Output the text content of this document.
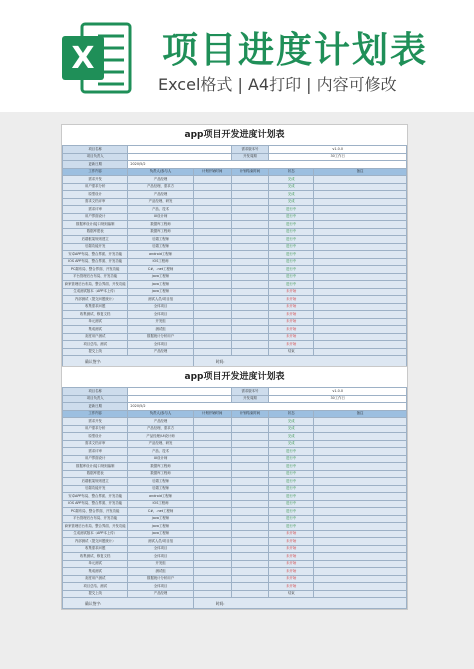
X 项目进度计划表
Excel格式 | A4打印 | 内容可修改
app项目开发进度计划表
项目名称			需求版本号	v1.0.0	
项目负责人			开发周期	30工作日	
更新日期	2020/5/2				
工作内容	负责人/参与人	计划开始时间	计划结束时间	状态	备注
需求开发	产品经理			完成	
用户需求分析	产品经理、需求方			完成	
原型设计	产品经理			完成	
需求文档评审	产品经理、研发			完成	
需求评审	产品、技术			进行中	
用户界面设计	UI设计师			进行中	
数据库设计/接口规则编制	数据库工程师			进行中	
数据库建表	数据库工程师			进行中	
后端框架规则建立	后端工程师			进行中	
后端功能开发	后端工程师			进行中	
安卓APP布局、整合界面、开发功能	android工程师			进行中	
IOS APP布局、整合界面、开发功能	IOS工程师			进行中	
PC端布局、整合界面、开发功能	C#、.net工程师			进行中	
平台管理后台布局、开发功能	java工程师			进行中	
商家管理后台布局、整合界面、开发功能	java工程师			进行中	
生成测试版本（APP本上传）	java工程师			未开始	
内部测试（提交问题统计）	测试人员/项目组			未开始	
收集需求问题	全体项目			未开始	
收集测试、修复文档	全体项目			未开始	
单元测试	开发组			未开始	
集成测试	测试组			未开始	
灰度用户测试	数据统计分析用户			未开始	
项目总结、测试	全体项目			未开始	
提交上线	产品经理			结束	
确认签字:		时间:			
app项目开发进度计划表
项目名称			需求版本号	v1.0.0	
项目负责人			开发周期	30工作日	
更新日期	2020/5/2				
工作内容	负责人/参与人	计划开始时间	计划结束时间	状态	备注
需求开发	产品经理			完成	
用户需求分析	产品经理、需求方			完成	
原型设计	产品经理/UI设计师			完成	
需求文档评审	产品经理、研发			完成	
需求评审	产品、技术			进行中	
用户界面设计	UI设计师			进行中	
数据库设计/接口规则编制	数据库工程师			进行中	
数据库建表	数据库工程师			进行中	
后端框架规则建立	后端工程师			进行中	
后端功能开发	后端工程师			进行中	
安卓APP布局、整合界面、开发功能	android工程师			进行中	
IOS APP布局、整合界面、开发功能	IOS工程师			进行中	
PC端布局、整合界面、开发功能	C#、.net工程师			进行中	
平台管理后台布局、开发功能	java工程师			进行中	
商家管理后台布局、整合界面、开发功能	java工程师			进行中	
生成测试版本（APP本上传）	java工程师			未开始	
内部测试（提交问题统计）	测试人员/项目组			未开始	
收集需求问题	全体项目			未开始	
收集测试、修复文档	全体项目			未开始	
单元测试	开发组			未开始	
集成测试	测试组			未开始	
灰度用户测试	数据统计分析用户			未开始	
项目总结、测试	全体项目			未开始	
提交上线	产品经理			结束	
确认签字:		时间:			
